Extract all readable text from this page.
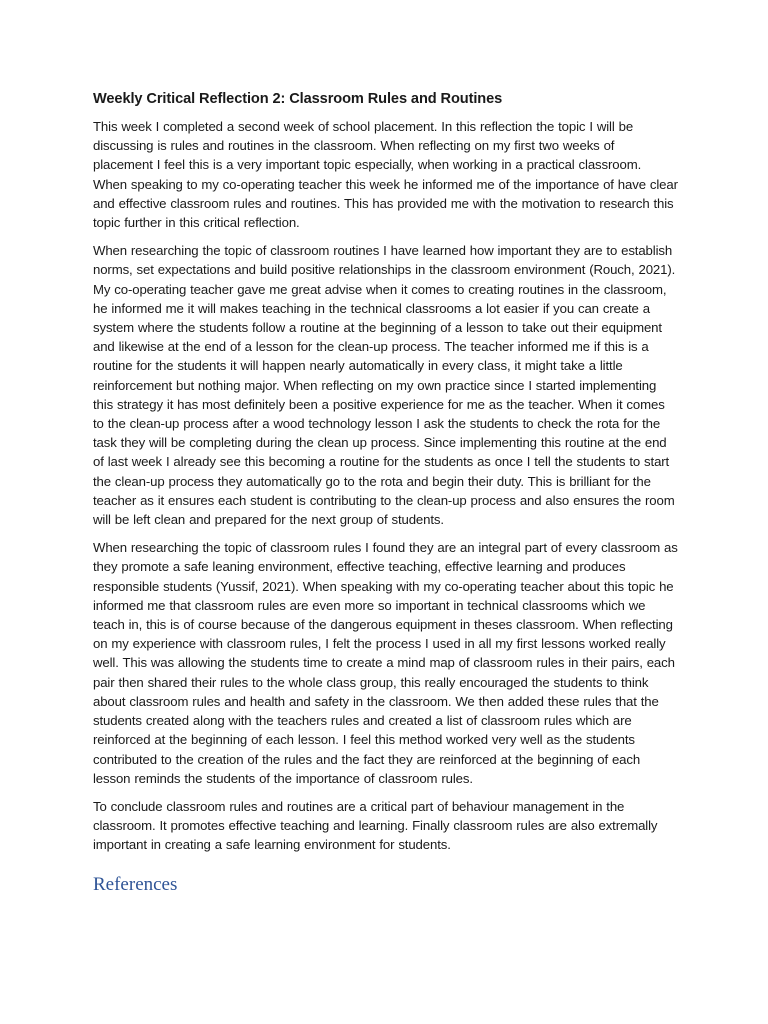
Weekly Critical Reflection 2: Classroom Rules and Routines

This week I completed a second week of school placement. In this reflection the topic I will be discussing is rules and routines in the classroom. When reflecting on my first two weeks of placement I feel this is a very important topic especially, when working in a practical classroom. When speaking to my co-operating teacher this week he informed me of the importance of have clear and effective classroom rules and routines. This has provided me with the motivation to research this topic further in this critical reflection.

When researching the topic of classroom routines I have learned how important they are to establish norms, set expectations and build positive relationships in the classroom environment (Rouch, 2021). My co-operating teacher gave me great advise when it comes to creating routines in the classroom, he informed me it will makes teaching in the technical classrooms a lot easier if you can create a system where the students follow a routine at the beginning of a lesson to take out their equipment and likewise at the end of a lesson for the clean-up process. The teacher informed me if this is a routine for the students it will happen nearly automatically in every class, it might take a little reinforcement but nothing major. When reflecting on my own practice since I started implementing this strategy it has most definitely been a positive experience for me as the teacher. When it comes to the clean-up process after a wood technology lesson I ask the students to check the rota for the task they will be completing during the clean up process. Since implementing this routine at the end of last week I already see this becoming a routine for the students as once I tell the students to start the clean-up process they automatically go to the rota and begin their duty. This is brilliant for the teacher as it ensures each student is contributing to the clean-up process and also ensures the room will be left clean and prepared for the next group of students.

When researching the topic of classroom rules I found they are an integral part of every classroom as they promote a safe leaning environment, effective teaching, effective learning and produces responsible students (Yussif, 2021). When speaking with my co-operating teacher about this topic he informed me that classroom rules are even more so important in technical classrooms which we teach in, this is of course because of the dangerous equipment in theses classroom. When reflecting on my experience with classroom rules, I felt the process I used in all my first lessons worked really well. This was allowing the students time to create a mind map of classroom rules in their pairs, each pair then shared their rules to the whole class group, this really encouraged the students to think about classroom rules and health and safety in the classroom. We then added these rules that the students created along with the teachers rules and created a list of classroom rules which are reinforced at the beginning of each lesson. I feel this method worked very well as the students contributed to the creation of the rules and the fact they are reinforced at the beginning of each lesson reminds the students of the importance of classroom rules.

To conclude classroom rules and routines are a critical part of behaviour management in the classroom. It promotes effective teaching and learning. Finally classroom rules are also extremally important in creating a safe learning environment for students.

References
